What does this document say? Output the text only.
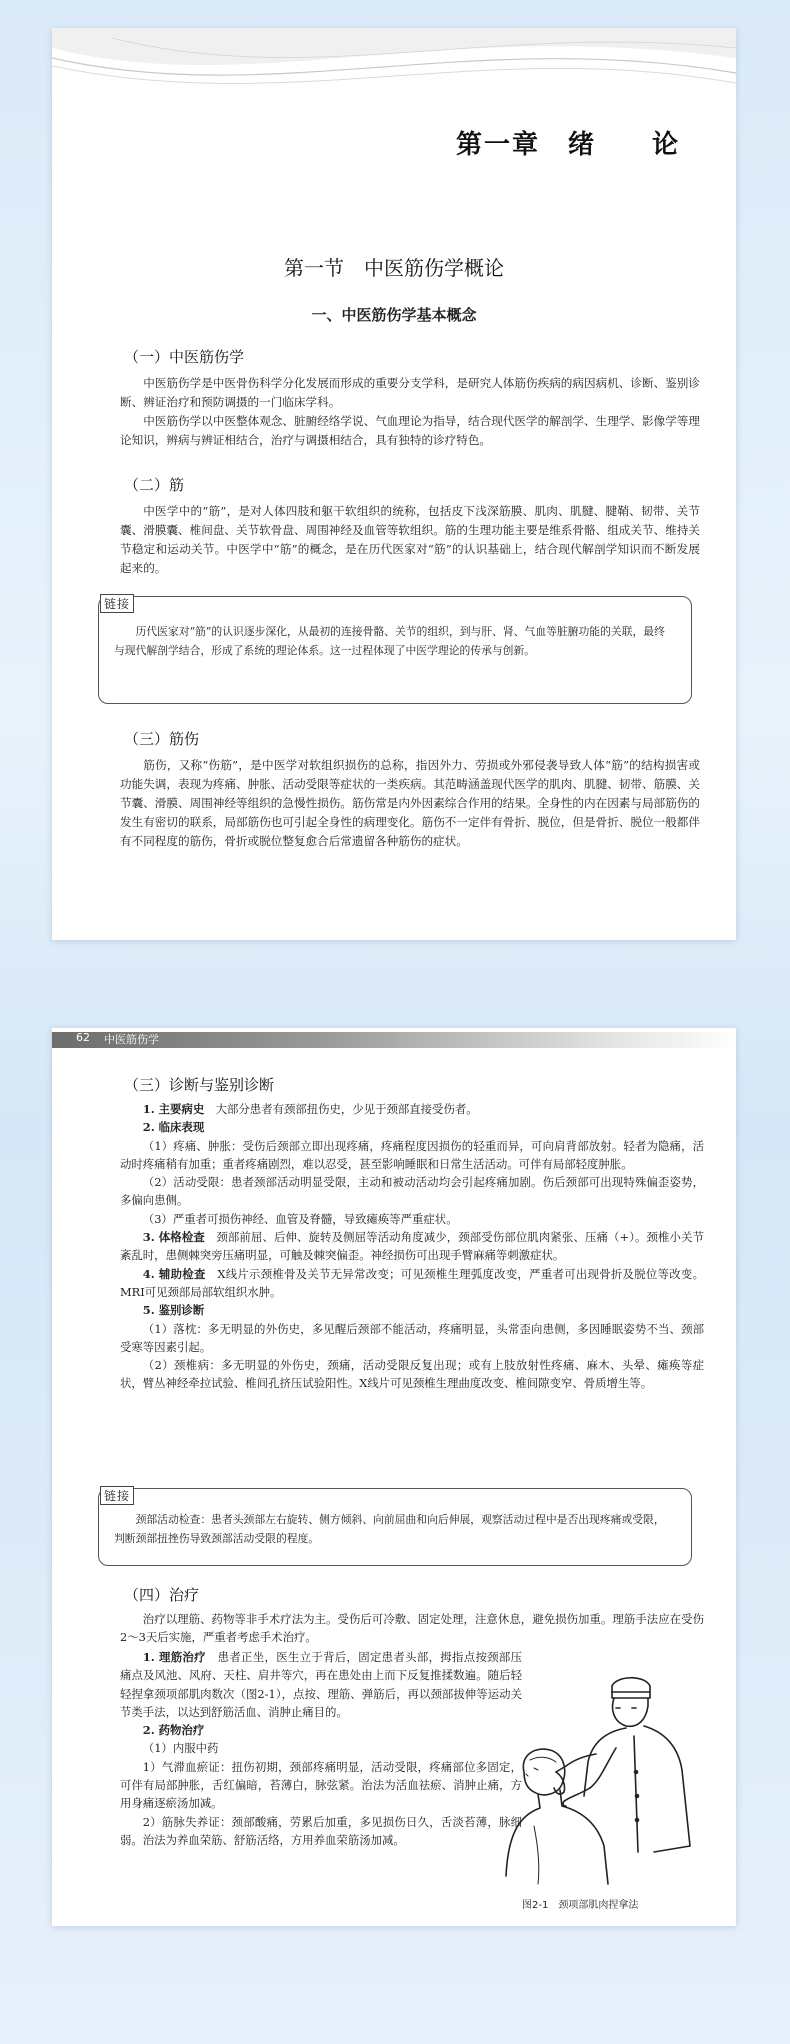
第一章　绪　　论
第一节　中医筋伤学概论
一、中医筋伤学基本概念
（一）中医筋伤学
中医筋伤学是中医骨伤科学分化发展而形成的重要分支学科，是研究人体筋伤疾病的病因病机、诊断、鉴别诊断、辨证治疗和预防调摄的一门临床学科。
中医筋伤学以中医整体观念、脏腑经络学说、气血理论为指导，结合现代医学的解剖学、生理学、影像学等理论知识，辨病与辨证相结合，治疗与调摄相结合，具有独特的诊疗特色。
（二）筋
中医学中的“筋”，是对人体四肢和躯干软组织的统称，包括皮下浅深筋膜、肌肉、肌腱、腱鞘、韧带、关节囊、滑膜囊、椎间盘、关节软骨盘、周围神经及血管等软组织。筋的生理功能主要是维系骨骼、组成关节、维持关节稳定和运动关节。中医学中“筋”的概念，是在历代医家对“筋”的认识基础上，结合现代解剖学知识而不断发展起来的。
链接
历代医家对“筋”的认识逐步深化，从最初的连接骨骼、关节的组织，到与肝、肾、气血等脏腑功能的关联，最终与现代解剖学结合，形成了系统的理论体系。这一过程体现了中医学理论的传承与创新。
（三）筋伤
筋伤，又称“伤筋”，是中医学对软组织损伤的总称，指因外力、劳损或外邪侵袭导致人体“筋”的结构损害或功能失调，表现为疼痛、肿胀、活动受限等症状的一类疾病。其范畴涵盖现代医学的肌肉、肌腱、韧带、筋膜、关节囊、滑膜、周围神经等组织的急慢性损伤。筋伤常是内外因素综合作用的结果。全身性的内在因素与局部筋伤的发生有密切的联系，局部筋伤也可引起全身性的病理变化。筋伤不一定伴有骨折、脱位，但是骨折、脱位一般都伴有不同程度的筋伤，骨折或脱位整复愈合后常遗留各种筋伤的症状。
62 中医筋伤学
（三）诊断与鉴别诊断
1. 主要病史　 大部分患者有颈部扭伤史，少见于颈部直接受伤者。
2. 临床表现
（1）疼痛、肿胀：受伤后颈部立即出现疼痛，疼痛程度因损伤的轻重而异，可向肩背部放射。轻者为隐痛，活动时疼痛稍有加重；重者疼痛剧烈，难以忍受，甚至影响睡眠和日常生活活动。可伴有局部轻度肿胀。
（2）活动受限：患者颈部活动明显受限，主动和被动活动均会引起疼痛加剧。伤后颈部可出现特殊偏歪姿势，多偏向患侧。
（3）严重者可损伤神经、血管及脊髓，导致瘫痪等严重症状。
3. 体格检查　 颈部前屈、后伸、旋转及侧屈等活动角度减少，颈部受伤部位肌肉紧张、压痛（+）。颈椎小关节紊乱时，患侧棘突旁压痛明显，可触及棘突偏歪。神经损伤可出现手臂麻痛等刺激症状。
4. 辅助检查　 X线片示颈椎骨及关节无异常改变；可见颈椎生理弧度改变，严重者可出现骨折及脱位等改变。MRI可见颈部局部软组织水肿。
5. 鉴别诊断
（1）落枕：多无明显的外伤史，多见醒后颈部不能活动，疼痛明显，头常歪向患侧，多因睡眠姿势不当、颈部受寒等因素引起。
（2）颈椎病：多无明显的外伤史，颈痛，活动受限反复出现；或有上肢放射性疼痛、麻木、头晕、瘫痪等症状，臂丛神经牵拉试验、椎间孔挤压试验阳性。X线片可见颈椎生理曲度改变、椎间隙变窄、骨质增生等。
链接
颈部活动检查：患者头颈部左右旋转、侧方倾斜、向前屈曲和向后伸展，观察活动过程中是否出现疼痛或受限，判断颈部扭挫伤导致颈部活动受限的程度。
（四）治疗
治疗以理筋、药物等非手术疗法为主。受伤后可冷敷、固定处理，注意休息，避免损伤加重。理筋手法应在受伤2～3天后实施，严重者考虑手术治疗。
1. 理筋治疗　 患者正坐，医生立于背后，固定患者头部，拇指点按颈部压痛点及风池、风府、天柱、肩井等穴，再在患处由上而下反复推揉数遍。随后轻轻捏拿颈项部肌肉数次（图2-1），点按、理筋、弹筋后，再以颈部拔伸等运动关节类手法，以达到舒筋活血、消肿止痛目的。
2. 药物治疗
（1）内服中药
1）气滞血瘀证：扭伤初期，颈部疼痛明显，活动受限，疼痛部位多固定，可伴有局部肿胀，舌红偏暗，苔薄白，脉弦紧。治法为活血祛瘀、消肿止痛，方用身痛逐瘀汤加减。
2）筋脉失养证：颈部酸痛，劳累后加重，多见损伤日久，舌淡苔薄，脉细弱。治法为养血荣筋、舒筋活络，方用养血荣筋汤加减。
图2-1　颈项部肌肉捏拿法
